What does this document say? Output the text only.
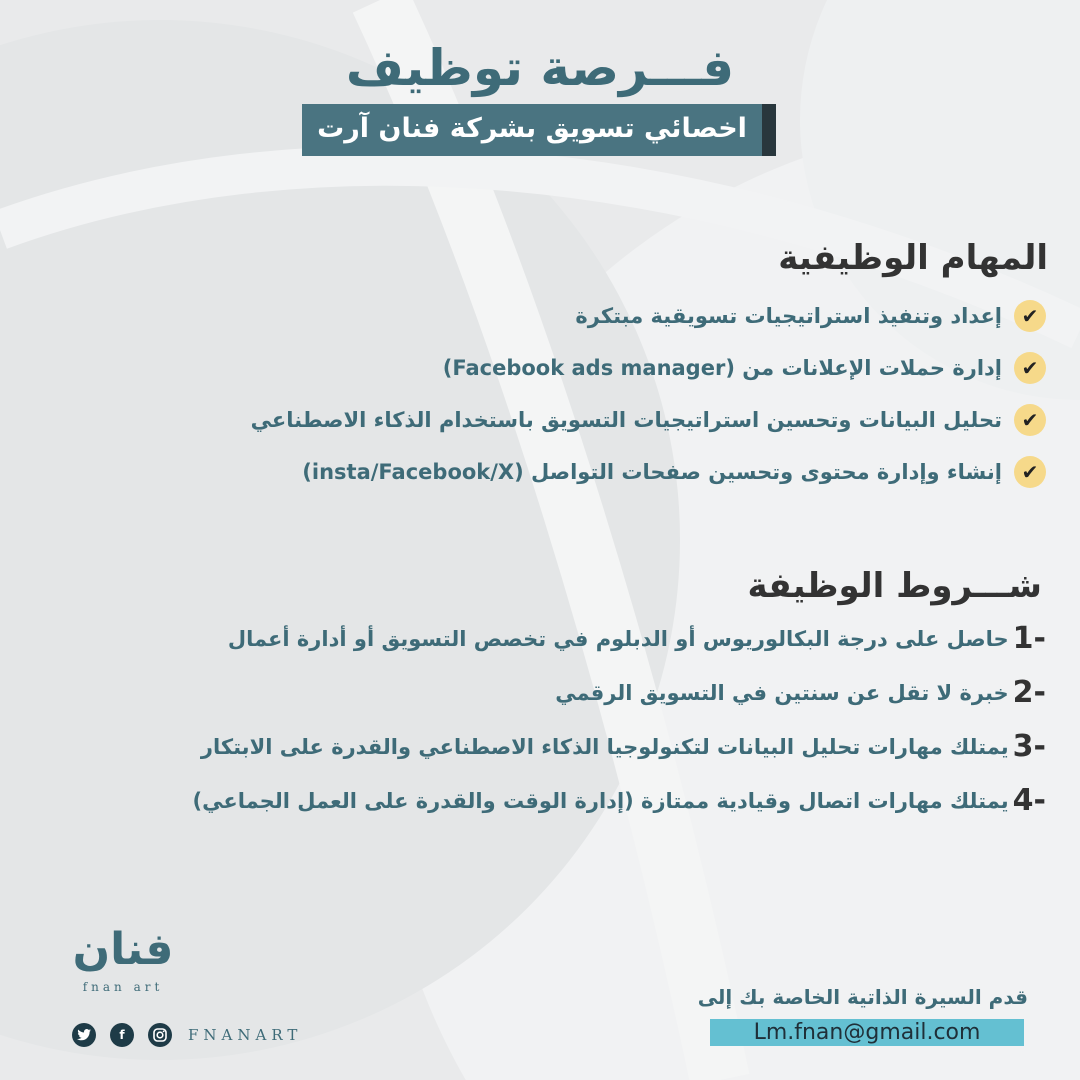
فـــرصة توظيف
اخصائي تسويق بشركة فنان آرت
المهام الوظيفية
✔
إعداد وتنفيذ استراتيجيات تسويقية مبتكرة
✔
إدارة حملات الإعلانات من (Facebook ads manager)
✔
تحليل البيانات وتحسين استراتيجيات التسويق باستخدام الذكاء الاصطناعي
✔
إنشاء وإدارة محتوى وتحسين صفحات التواصل (insta/Facebook/X)
شـــروط الوظيفة
1-
حاصل على درجة البكالوريوس أو الدبلوم في تخصص التسويق أو أدارة أعمال
2-
خبرة لا تقل عن سنتين في التسويق الرقمي
3-
يمتلك مهارات تحليل البيانات لتكنولوجيا الذكاء الاصطناعي والقدرة على الابتكار
4-
يمتلك مهارات اتصال وقيادية ممتازة (إدارة الوقت والقدرة على العمل الجماعي)
فنان
fnan art
f	FNANART
قدم السيرة الذاتية الخاصة بك إلى
Lm.fnan@gmail.com
